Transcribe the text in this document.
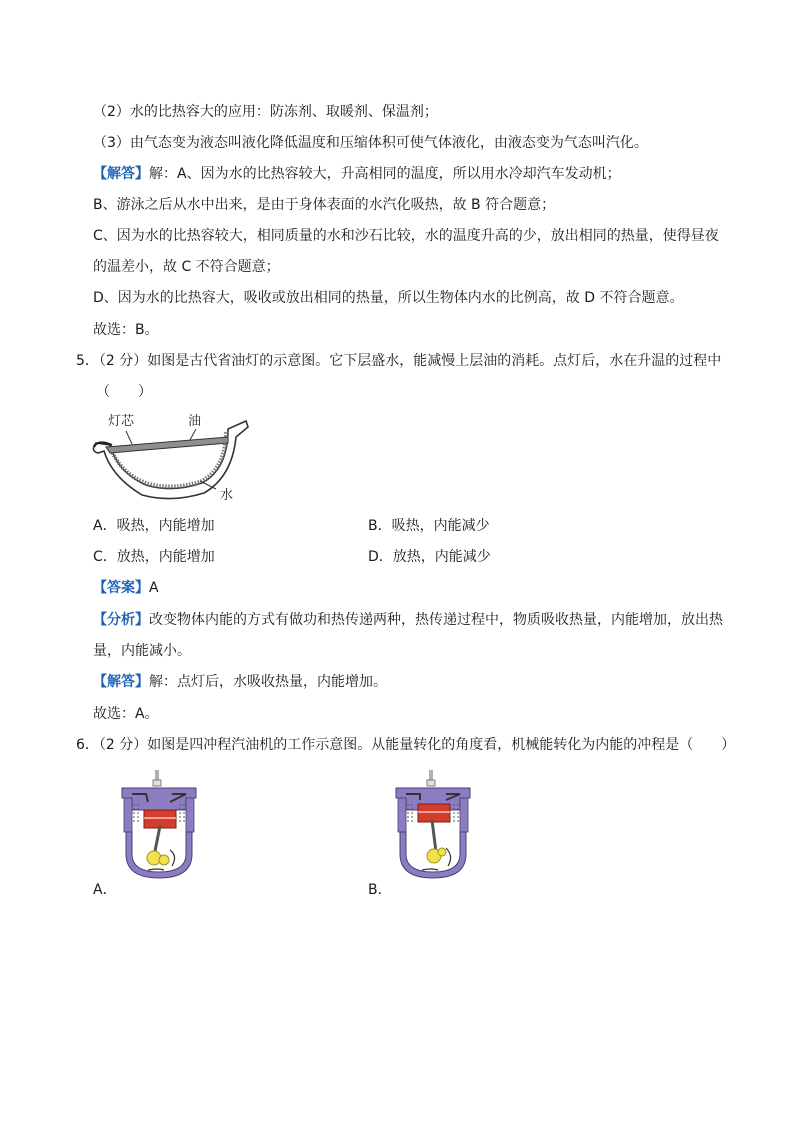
（2）水的比热容大的应用：防冻剂、取暖剂、保温剂；
（3）由气态变为液态叫液化降低温度和压缩体积可使气体液化，由液态变为气态叫汽化。
【解答】解：A、因为水的比热容较大，升高相同的温度，所以用水冷却汽车发动机；
B、游泳之后从水中出来，是由于身体表面的水汽化吸热，故 B 符合题意；
C、因为水的比热容较大，相同质量的水和沙石比较，水的温度升高的少，放出相同的热量，使得昼夜
的温差小，故 C 不符合题意；
D、因为水的比热容大，吸收或放出相同的热量，所以生物体内水的比例高，故 D 不符合题意。
故选：B。
5．（2 分）如图是古代省油灯的示意图。它下层盛水，能减慢上层油的消耗。点灯后，水在升温的过程中
（　　）
灯芯	油
水
A．吸热，内能增加	B．吸热，内能减少
C．放热，内能增加	D．放热，内能减少
【答案】A
【分析】改变物体内能的方式有做功和热传递两种，热传递过程中，物质吸收热量，内能增加，放出热
量，内能减小。
【解答】解：点灯后，水吸收热量，内能增加。
故选：A。
6．（2 分）如图是四冲程汽油机的工作示意图。从能量转化的角度看，机械能转化为内能的冲程是（　　）
A．	B．
